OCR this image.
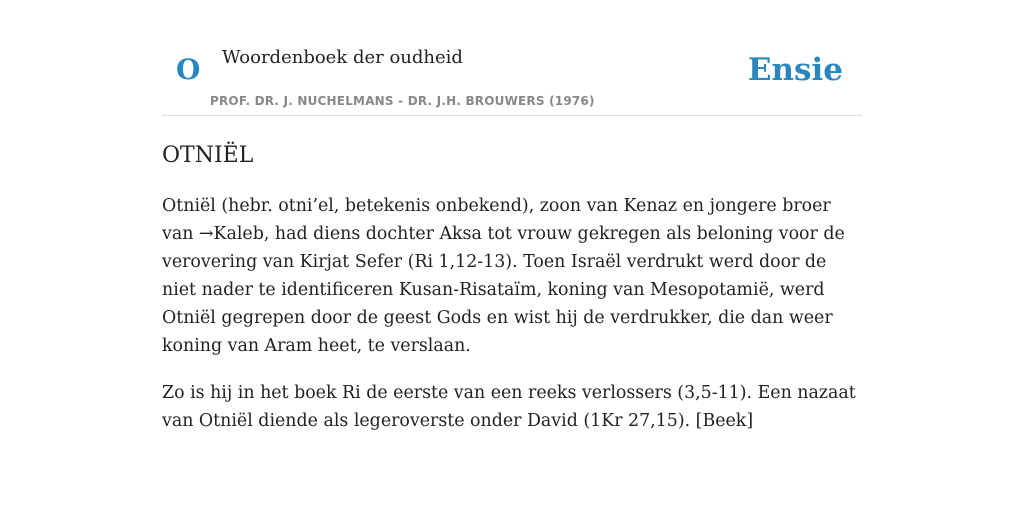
O Woordenboek der oudheid	Ensie
PROF. DR. J. NUCHELMANS - DR. J.H. BROUWERS (1976)
OTNIËL

Otniël (hebr. otni’el, betekenis onbekend), zoon van Kenaz en jongere broer van →Kaleb, had diens dochter Aksa tot vrouw gekregen als beloning voor de verovering van Kirjat Sefer (Ri 1,12-13). Toen Israël verdrukt werd door de niet nader te identificeren Kusan-Risataïm, koning van Mesopotamië, werd Otniël gegrepen door de geest Gods en wist hij de verdrukker, die dan weer koning van Aram heet, te verslaan.

Zo is hij in het boek Ri de eerste van een reeks verlossers (3,5-11). Een nazaat van Otniël diende als legeroverste onder David (1Kr 27,15). [Beek]
